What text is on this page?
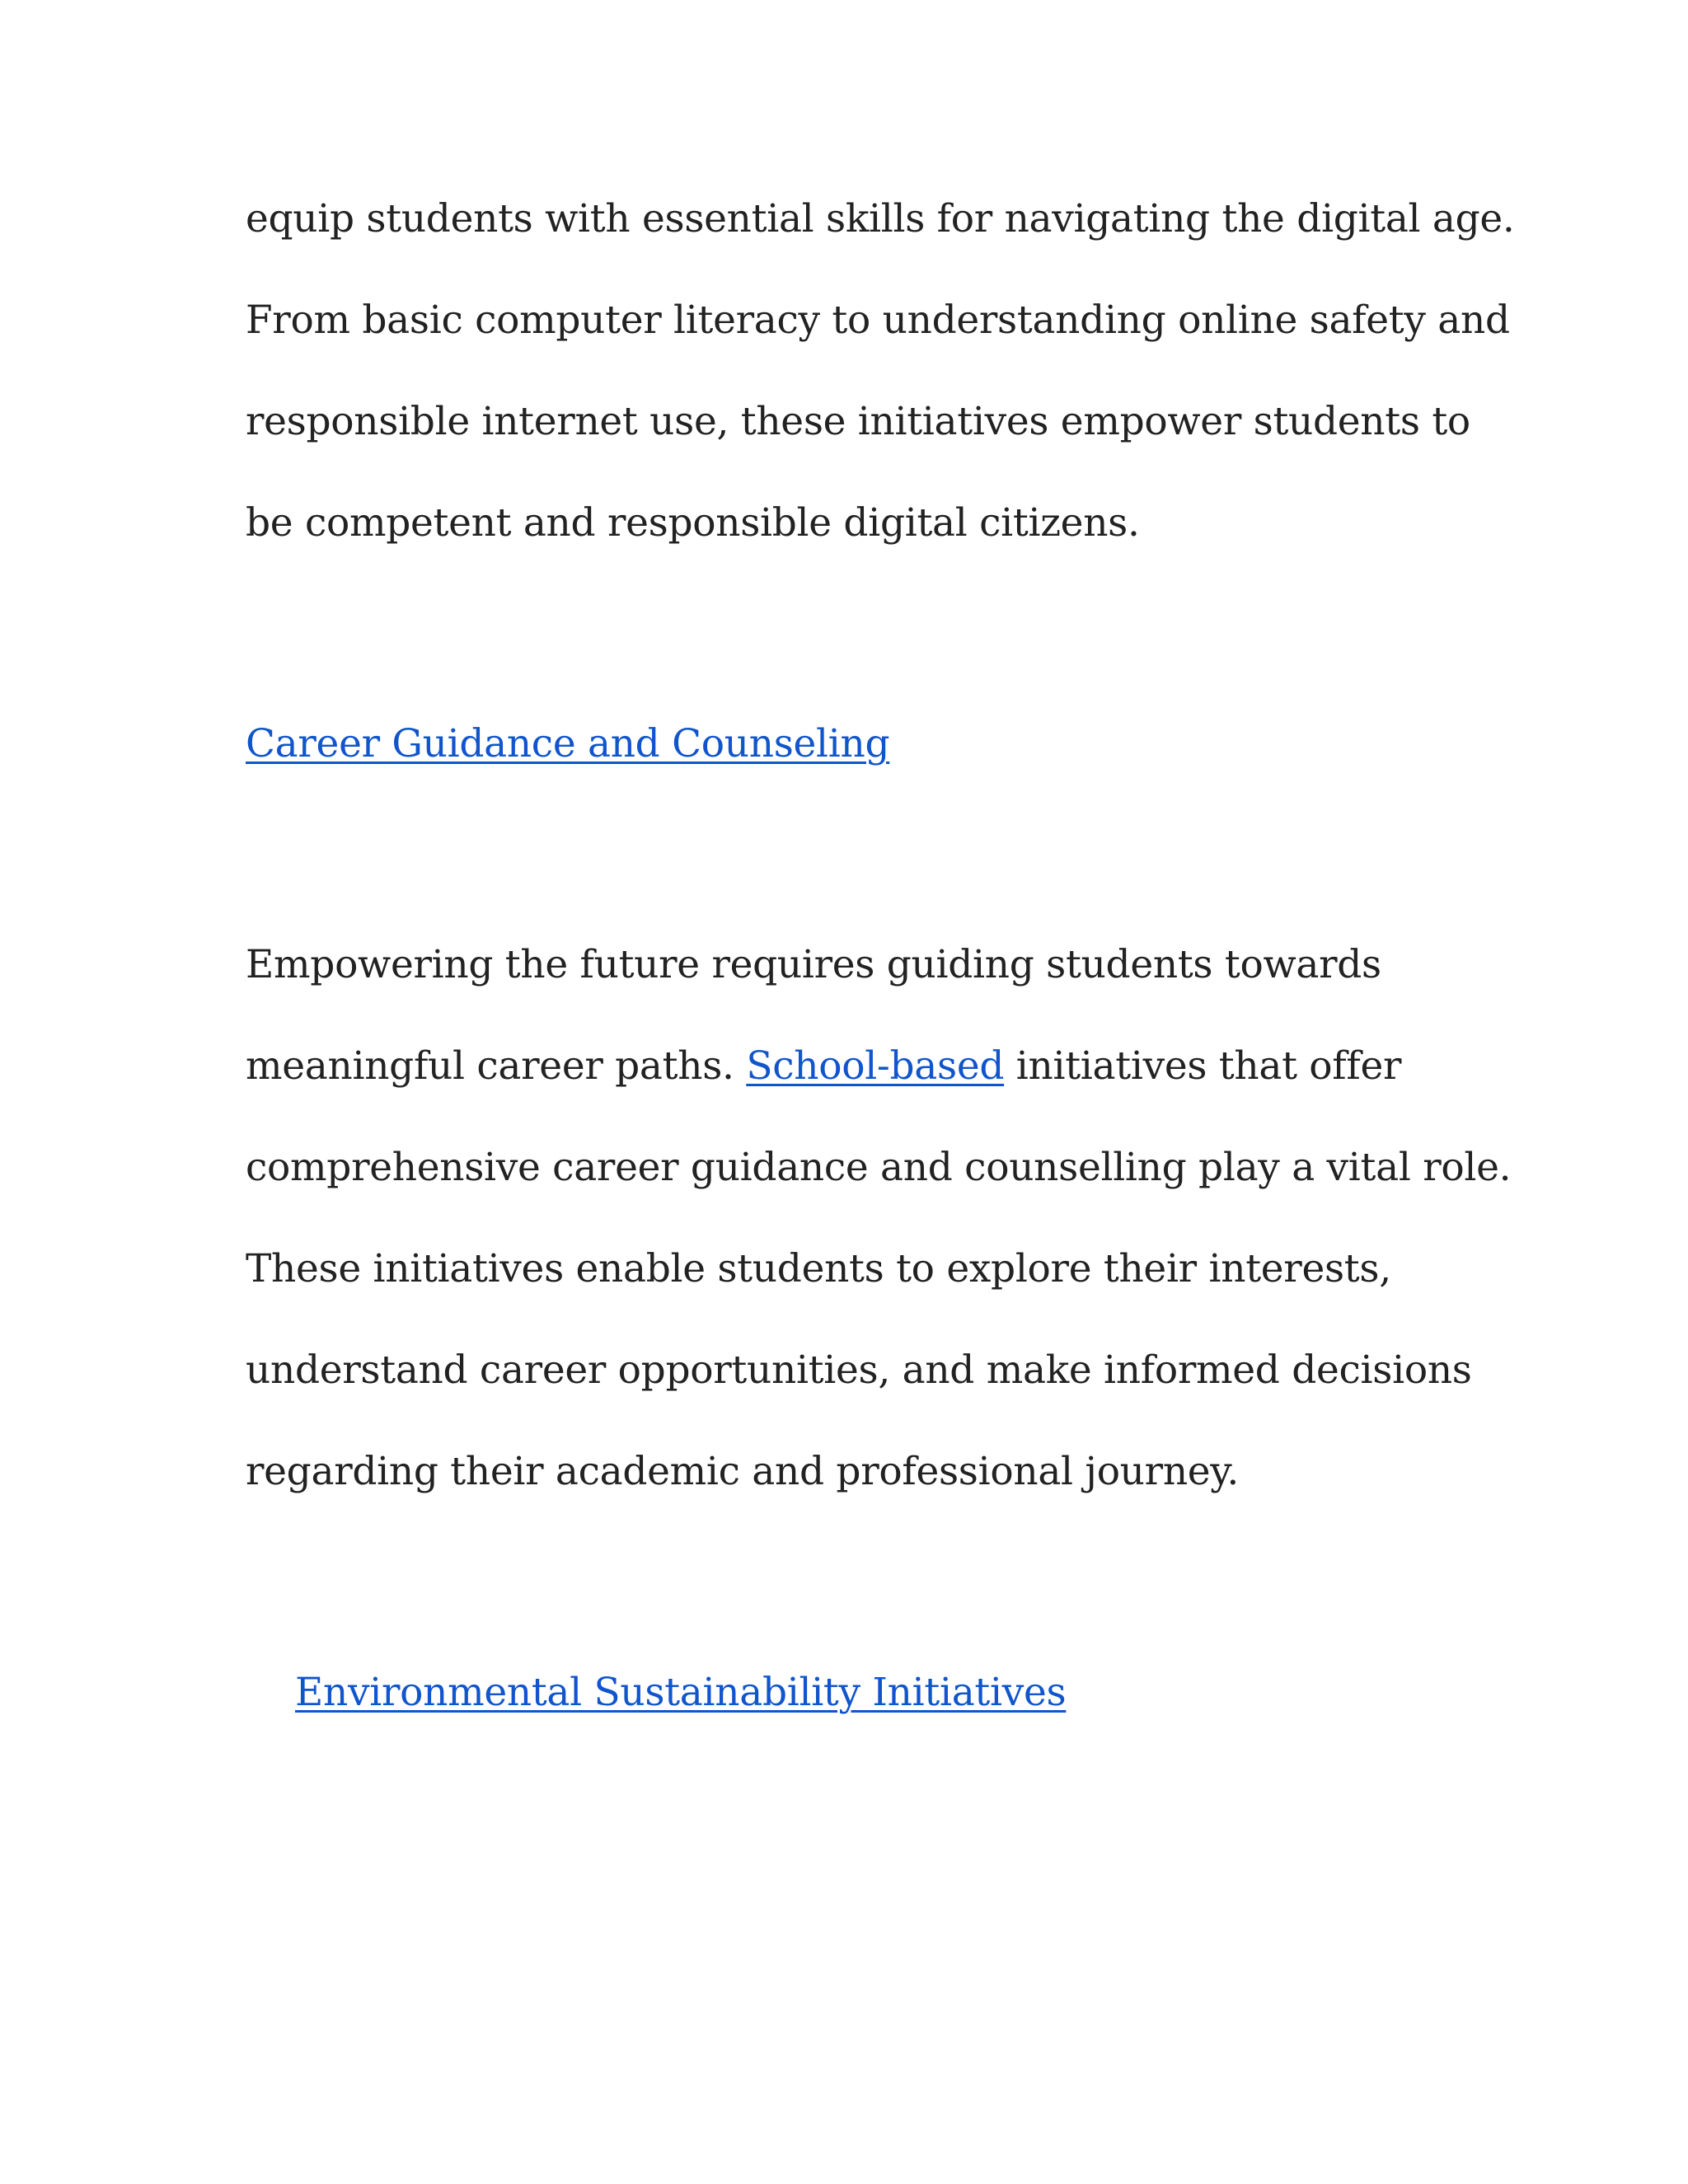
equip students with essential skills for navigating the digital age.
From basic computer literacy to understanding online safety and
responsible internet use, these initiatives empower students to
be competent and responsible digital citizens.
Career Guidance and Counseling
Empowering the future requires guiding students towards
meaningful career paths. School-based initiatives that offer
comprehensive career guidance and counselling play a vital role.
These initiatives enable students to explore their interests,
understand career opportunities, and make informed decisions
regarding their academic and professional journey.
Environmental Sustainability Initiatives
